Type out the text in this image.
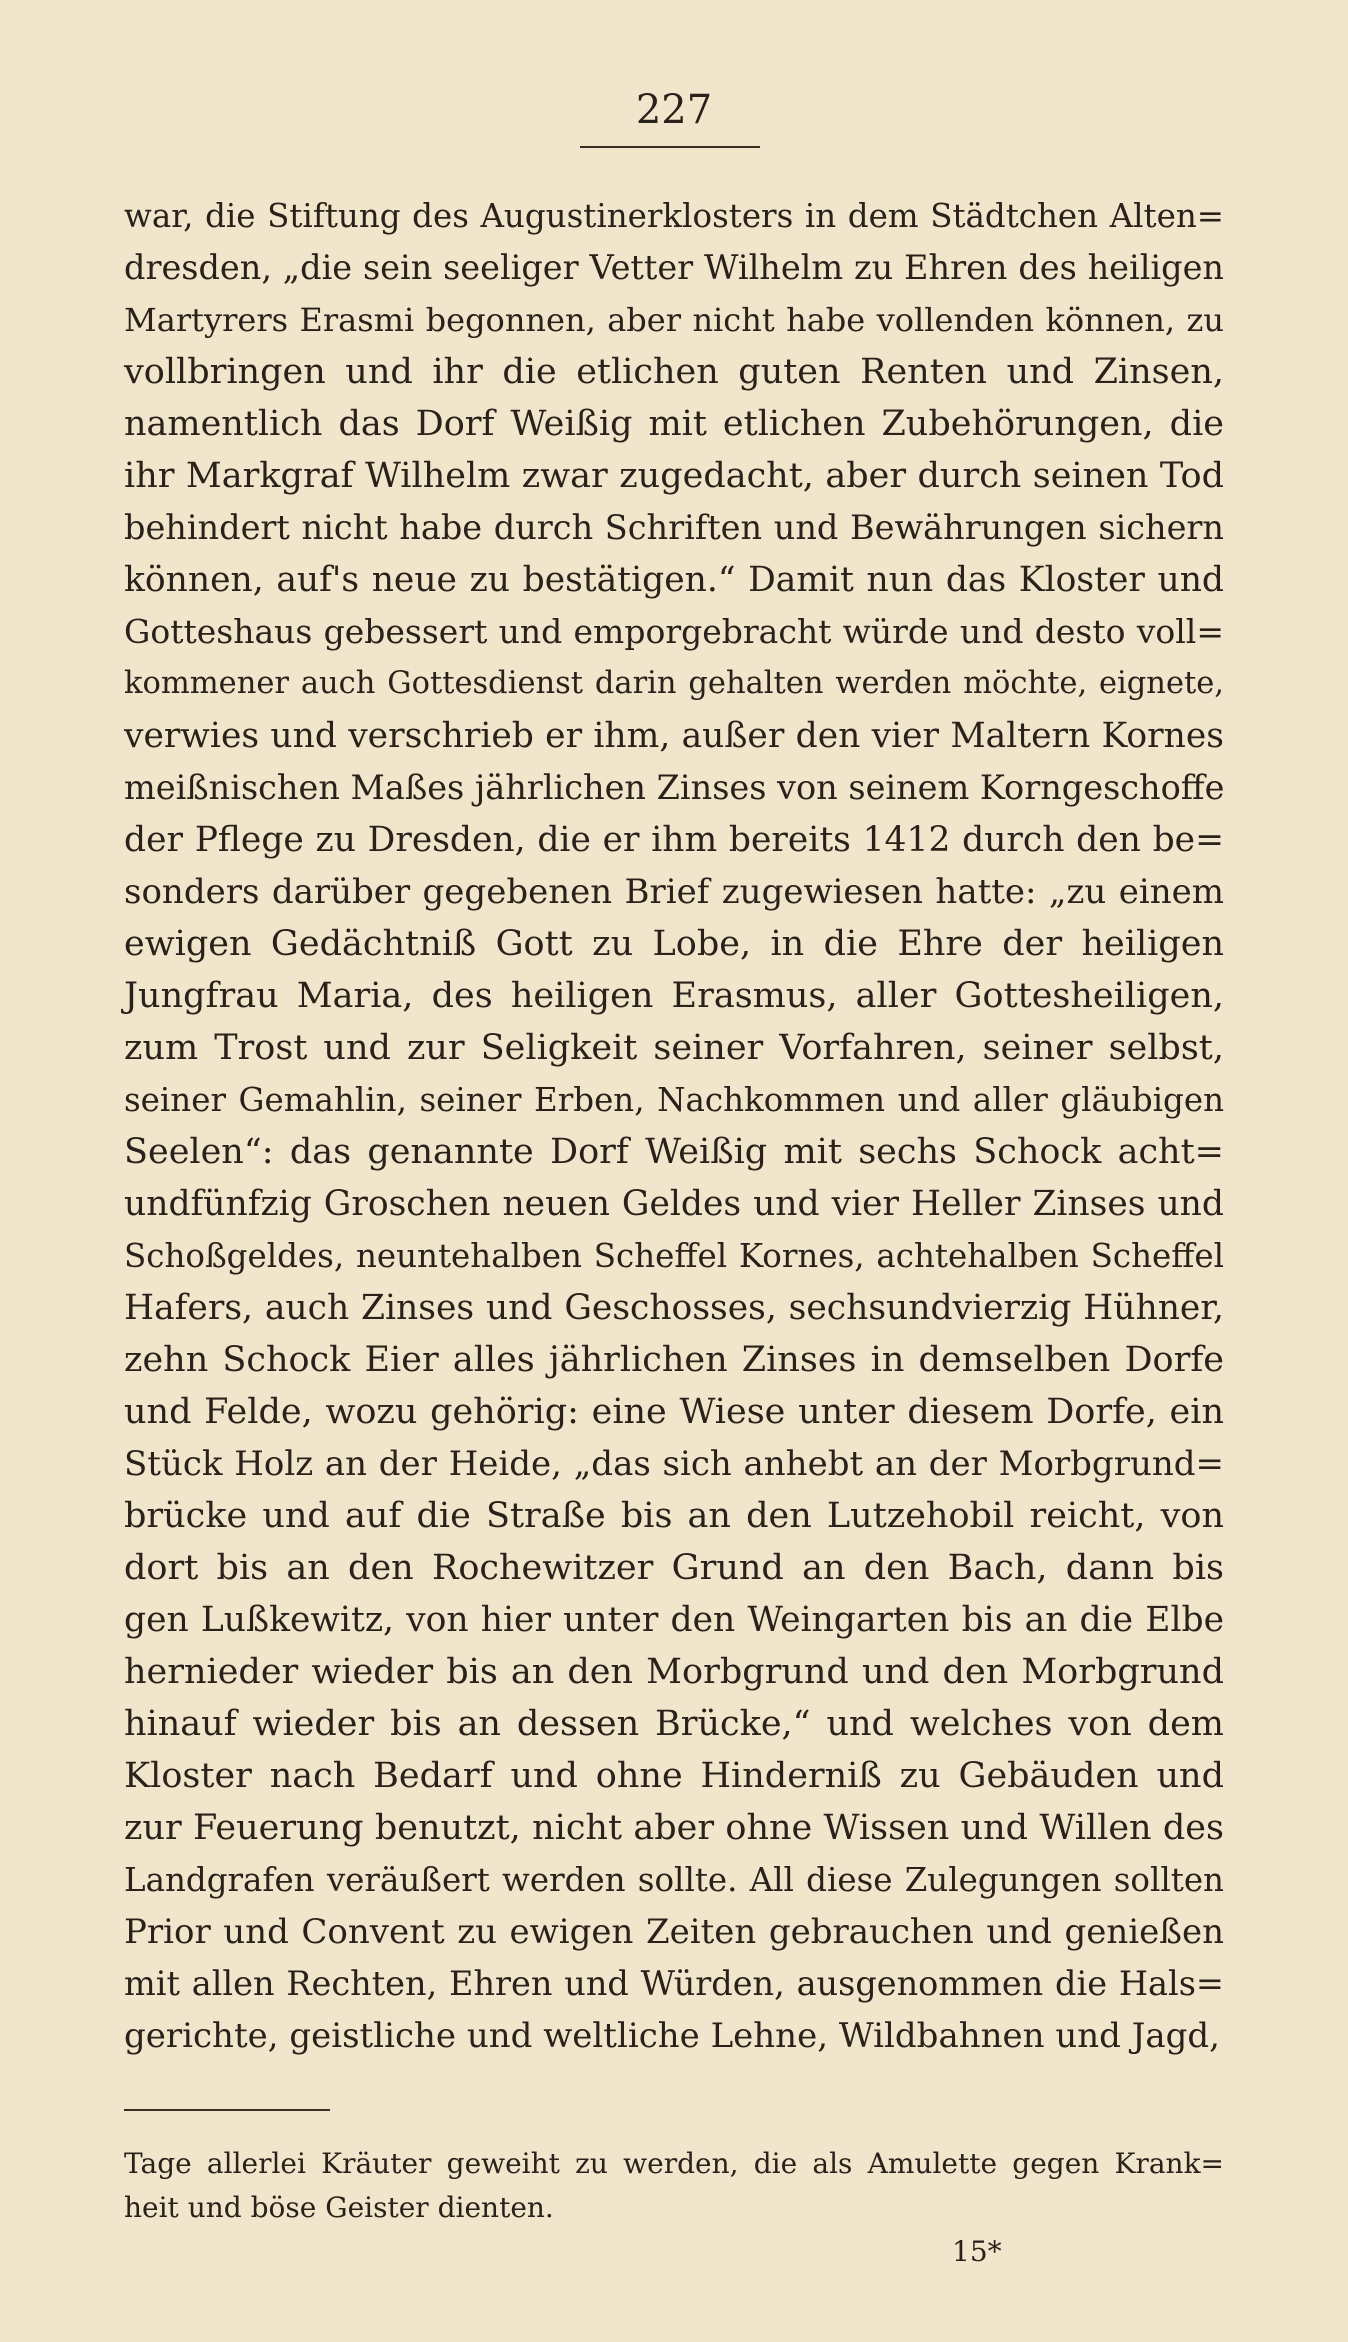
227
war, die Stiftung des Augustinerklosters in dem Städtchen Alten=
dresden, „die sein seeliger Vetter Wilhelm zu Ehren des heiligen
Martyrers Erasmi begonnen, aber nicht habe vollenden können, zu
vollbringen und ihr die etlichen guten Renten und Zinsen,
namentlich das Dorf Weißig mit etlichen Zubehörungen, die
ihr Markgraf Wilhelm zwar zugedacht, aber durch seinen Tod
behindert nicht habe durch Schriften und Bewährungen sichern
können, auf's neue zu bestätigen.“ Damit nun das Kloster und
Gotteshaus gebessert und emporgebracht würde und desto voll=
kommener auch Gottesdienst darin gehalten werden möchte, eignete,
verwies und verschrieb er ihm, außer den vier Maltern Kornes
meißnischen Maßes jährlichen Zinses von seinem Korngeschoffe
der Pflege zu Dresden, die er ihm bereits 1412 durch den be=
sonders darüber gegebenen Brief zugewiesen hatte: „zu einem
ewigen Gedächtniß Gott zu Lobe, in die Ehre der heiligen
Jungfrau Maria, des heiligen Erasmus, aller Gottesheiligen,
zum Trost und zur Seligkeit seiner Vorfahren, seiner selbst,
seiner Gemahlin, seiner Erben, Nachkommen und aller gläubigen
Seelen“: das genannte Dorf Weißig mit sechs Schock acht=
undfünfzig Groschen neuen Geldes und vier Heller Zinses und
Schoßgeldes, neuntehalben Scheffel Kornes, achtehalben Scheffel
Hafers, auch Zinses und Geschosses, sechsundvierzig Hühner,
zehn Schock Eier alles jährlichen Zinses in demselben Dorfe
und Felde, wozu gehörig: eine Wiese unter diesem Dorfe, ein
Stück Holz an der Heide, „das sich anhebt an der Morbgrund=
brücke und auf die Straße bis an den Lutzehobil reicht, von
dort bis an den Rochewitzer Grund an den Bach, dann bis
gen Lußkewitz, von hier unter den Weingarten bis an die Elbe
hernieder wieder bis an den Morbgrund und den Morbgrund
hinauf wieder bis an dessen Brücke,“ und welches von dem
Kloster nach Bedarf und ohne Hinderniß zu Gebäuden und
zur Feuerung benutzt, nicht aber ohne Wissen und Willen des
Landgrafen veräußert werden sollte. All diese Zulegungen sollten
Prior und Convent zu ewigen Zeiten gebrauchen und genießen
mit allen Rechten, Ehren und Würden, ausgenommen die Hals=
gerichte, geistliche und weltliche Lehne, Wildbahnen und Jagd,
Tage allerlei Kräuter geweiht zu werden, die als Amulette gegen Krank=
heit und böse Geister dienten.
15*
